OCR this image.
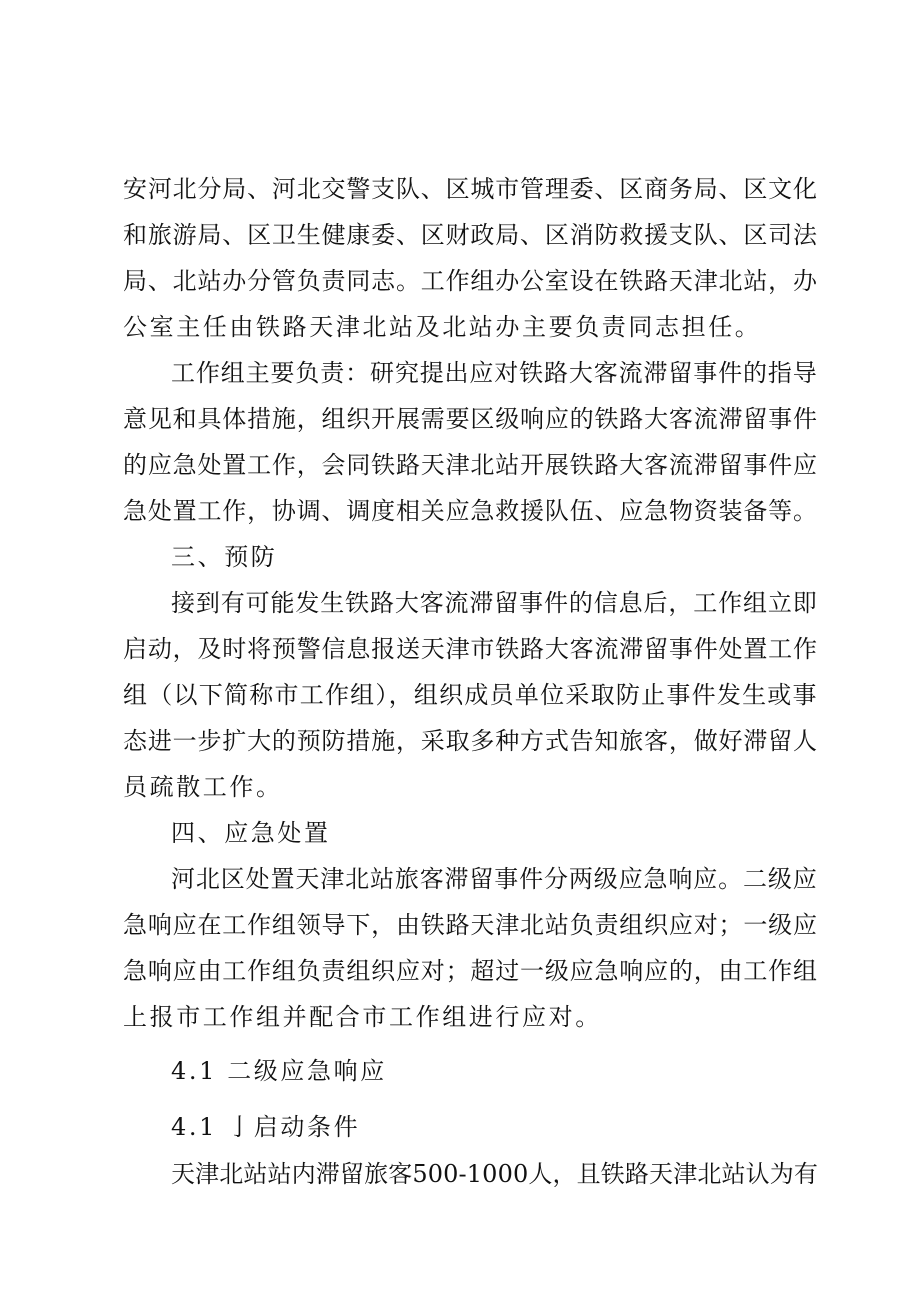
安河北分局、河北交警支队、区城市管理委、区商务局、区文化
和旅游局、区卫生健康委、区财政局、区消防救援支队、区司法
局、北站办分管负责同志。工作组办公室设在铁路天津北站，办
公室主任由铁路天津北站及北站办主要负责同志担任。
工作组主要负责：研究提出应对铁路大客流滞留事件的指导
意见和具体措施，组织开展需要区级响应的铁路大客流滞留事件
的应急处置工作，会同铁路天津北站开展铁路大客流滞留事件应
急处置工作，协调、调度相关应急救援队伍、应急物资装备等。
三、预防
接到有可能发生铁路大客流滞留事件的信息后，工作组立即
启动，及时将预警信息报送天津市铁路大客流滞留事件处置工作
组（以下简称市工作组），组织成员单位采取防止事件发生或事
态进一步扩大的预防措施，采取多种方式告知旅客，做好滞留人
员疏散工作。
四、应急处置
河北区处置天津北站旅客滞留事件分两级应急响应。二级应
急响应在工作组领导下，由铁路天津北站负责组织应对；一级应
急响应由工作组负责组织应对；超过一级应急响应的，由工作组
上报市工作组并配合市工作组进行应对。
4.1 二级应急响应
4.1 亅启动条件
天津北站站内滞留旅客500-1000人，且铁路天津北站认为有
